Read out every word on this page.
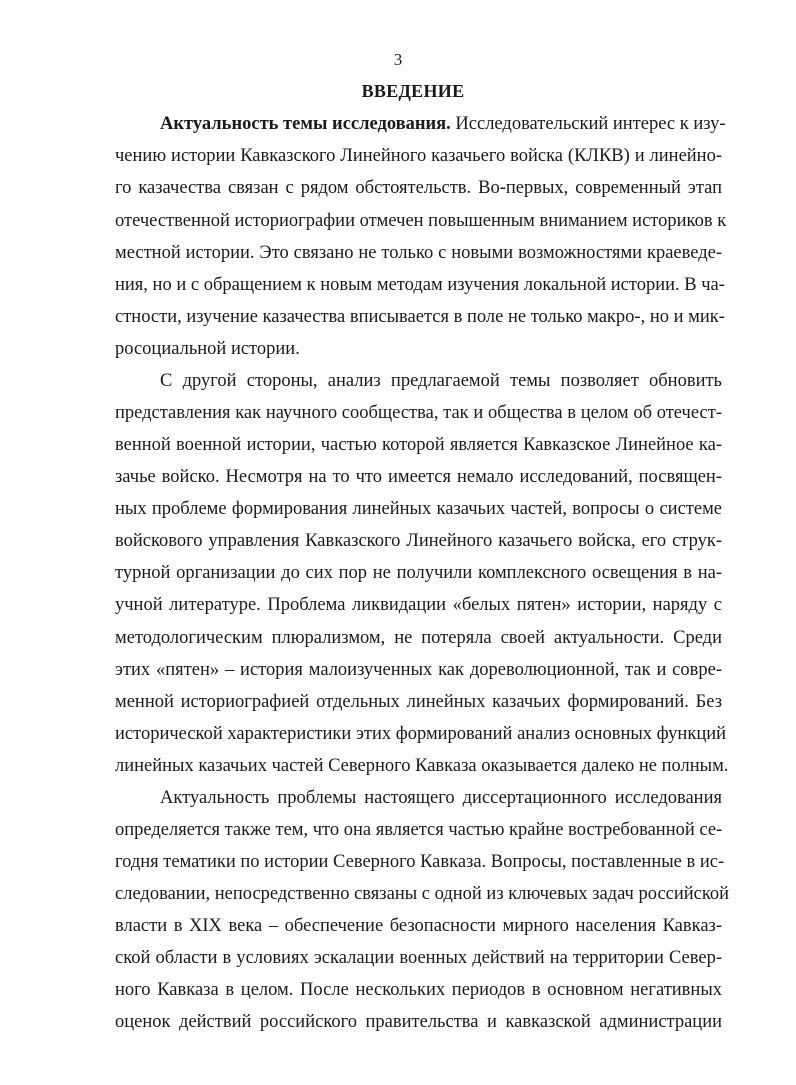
3
ВВЕДЕНИЕ
Актуальность темы исследования. Исследовательский интерес к изу-
чению истории Кавказского Линейного казачьего войска (КЛКВ) и линейно-
го казачества связан с рядом обстоятельств. Во-первых, современный этап
отечественной историографии отмечен повышенным вниманием историков к
местной истории. Это связано не только с новыми возможностями краеведе-
ния, но и с обращением к новым методам изучения локальной истории. В ча-
стности, изучение казачества вписывается в поле не только макро-, но и мик-
росоциальной истории.
С другой стороны, анализ предлагаемой темы позволяет обновить
представления как научного сообщества, так и общества в целом об отечест-
венной военной истории, частью которой является Кавказское Линейное ка-
зачье войско. Несмотря на то что имеется немало исследований, посвящен-
ных проблеме формирования линейных казачьих частей, вопросы о системе
войскового управления Кавказского Линейного казачьего войска, его струк-
турной организации до сих пор не получили комплексного освещения в на-
учной литературе. Проблема ликвидации «белых пятен» истории, наряду с
методологическим плюрализмом, не потеряла своей актуальности. Среди
этих «пятен» – история малоизученных как дореволюционной, так и совре-
менной историографией отдельных линейных казачьих формирований. Без
исторической характеристики этих формирований анализ основных функций
линейных казачьих частей Северного Кавказа оказывается далеко не полным.
Актуальность проблемы настоящего диссертационного исследования
определяется также тем, что она является частью крайне востребованной се-
годня тематики по истории Северного Кавказа. Вопросы, поставленные в ис-
следовании, непосредственно связаны с одной из ключевых задач российской
власти в XIX века – обеспечение безопасности мирного населения Кавказ-
ской области в условиях эскалации военных действий на территории Север-
ного Кавказа в целом. После нескольких периодов в основном негативных
оценок действий российского правительства и кавказской администрации
